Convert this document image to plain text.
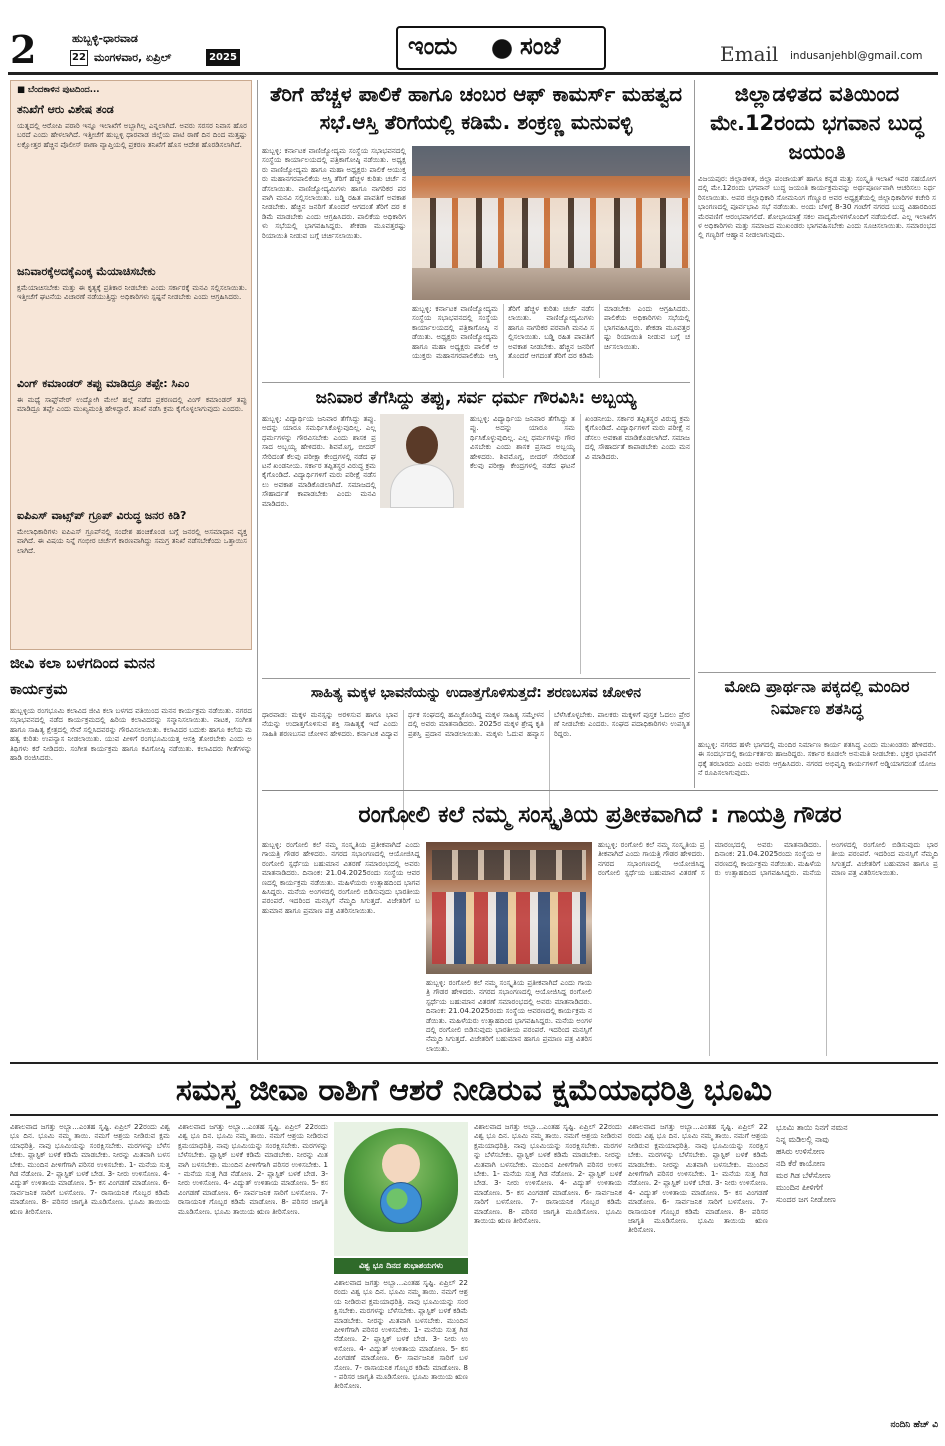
2	ಹುಬ್ಬಳ್ಳಿ-ಧಾರವಾಡ
22 ಮಂಗಳವಾರ, ಏಪ್ರಿಲ್	2025	ಇಂದು	ಸಂಜೆ	Email indusanjehbl@gmail.com
■ ಬೆಂದಕಾಳಿನ ಪುಟದಿಂದ...
ತನಿಖೆಗೆ ಆರು ವಿಶೇಷ ತಂಡ
ಯತ್ನದಲ್ಲಿ ಆರೋಪಿ ಪರಾರಿ ಇನ್ನೂ ಇಲಾಖೆಗೆ ಅಬ್ಬಾಗಿಲ್ಲ ಎನ್ನಲಾಗಿದೆ. ಅವರು ಸರಸರ ನಿವಾಸ ಹೊರ ಬರದೆ ಎಂದು ಹೇಳಲಾಗಿದೆ. ಇತ್ತೀಚೆಗೆ ಹುಬ್ಬಳ್ಳಿ ಧಾರವಾಡ ಜಿಲ್ಲೆಯ ಪಾಟಿ ಠಾಣೆ ದಿನ ದಿಂದ ಮತ್ತಷ್ಟು ಲಕ್ಷೋತ್ತರ ಹೆಚ್ಚಿನ ಪೊಲೀಸ್ ಠಾಣಾ ವ್ಯಾಪ್ತಿಯಲ್ಲಿ ಪ್ರಕರಣ ತನಿಖೆಗೆ ಹೊಸ ಆದೇಶ ಹೊರಡಿಸಲಾಗಿದೆ.
ಜನಿವಾರಕ್ಕೆಅದಕ್ಕೆಎಂಕ್ಕ ಮೆಯಾಚಿಸಬೇಕು
ಕ್ಷಮೆಯಾಚಿಸಬೇಕು ಮತ್ತು ಈ ಕೃತ್ಯಕ್ಕೆ ಪ್ರತಿಕಾರ ನೀಡಬೇಕು ಎಂದು ಸರ್ಕಾರಕ್ಕೆ ಮನವಿ ಸಲ್ಲಿಸಲಾಯಿತು. ಇತ್ತೀಚೆಗೆ ಘಟನೆಯ ವಿಚಾರಣೆ ನಡೆಯುತ್ತಿದ್ದು ಅಧಿಕಾರಿಗಳು ಸ್ಪಷ್ಟನೆ ನೀಡಬೇಕು ಎಂದು ಆಗ್ರಹಿಸಿದರು.
ವಿಂಗ್ ಕಮಾಂಡರ್ ತಪ್ಪು ಮಾಡಿದ್ರೂ ತಪ್ಪೇ: ಸಿಎಂ
ಈ ಮಧ್ಯೆ ಸಾಫ್ಟ್‌ವೇರ್ ಉದ್ಯೋಗಿ ಮೇಲೆ ಹಲ್ಲೆ ನಡೆದ ಪ್ರಕರಣದಲ್ಲಿ ವಿಂಗ್ ಕಮಾಂಡರ್ ತಪ್ಪು ಮಾಡಿದ್ರೂ ತಪ್ಪೇ ಎಂದು ಮುಖ್ಯಮಂತ್ರಿ ಹೇಳಿದ್ದಾರೆ. ತನಿಖೆ ನಡೆಸಿ ಕ್ರಮ ಕೈಗೊಳ್ಳಲಾಗುವುದು ಎಂದರು.
ಐಪಿಎಸ್ ವಾಟ್ಸ್‌ಪ್ ಗ್ರೂಪ್ ವಿರುದ್ಧ ಜನರ ಕಿಡಿ?
ಮೇಲಾಧಿಕಾರಿಗಳು ಐಪಿಎಸ್ ಗ್ರೂಪ್‌ನಲ್ಲಿ ಸಂದೇಶ ಹಂಚಿಕೊಂಡ ಬಗ್ಗೆ ಜನರಲ್ಲಿ ಅಸಮಾಧಾನ ವ್ಯಕ್ತವಾಗಿದೆ. ಈ ವಿಷಯ ನಿನ್ನೆ ಗಂಭೀರ ಚರ್ಚೆಗೆ ಕಾರಣವಾಗಿದ್ದು ಸಮಗ್ರ ತನಿಖೆ ನಡೆಸಬೇಕೆಂದು ಒತ್ತಾಯಿಸಲಾಗಿದೆ.
ತೆರಿಗೆ ಹೆಚ್ಚಳ ಪಾಲಿಕೆ ಹಾಗೂ ಚಂಬರ ಆಫ್ ಕಾಮರ್ಸ್ ಮಹತ್ವದ ಸಭೆ.ಆಸ್ತಿ ತೆರಿಗೆಯಲ್ಲಿ ಕಡಿಮೆ. ಶಂಕ್ರಣ್ಣ ಮನುವಳ್ಳಿ
ಹುಬ್ಬಳ್ಳಿ: ಕರ್ನಾಟಕ ವಾಣಿಜ್ಯೋದ್ಯಮ ಸಂಸ್ಥೆಯ ಸಭಾಭವನದಲ್ಲಿ ಸಂಸ್ಥೆಯ ಕಾರ್ಯಾಲಯದಲ್ಲಿ ಪತ್ರಿಕಾಗೋಷ್ಠಿ ನಡೆಯಿತು. ಅಧ್ಯಕ್ಷರು ವಾಣಿಜ್ಯೋದ್ಯಮ ಹಾಗೂ ಮಹಾ ಅಧ್ಯಕ್ಷರು ಪಾಲಿಕೆ ಆಯುಕ್ತರು ಮಹಾನಗರಪಾಲಿಕೆಯ ಆಸ್ತಿ ತೆರಿಗೆ ಹೆಚ್ಚಳ ಕುರಿತು ಚರ್ಚೆ ನಡೆಸಲಾಯಿತು. ವಾಣಿಜ್ಯೋದ್ಯಮಿಗಳು ಹಾಗೂ ನಾಗರಿಕರ ಪರವಾಗಿ ಮನವಿ ಸಲ್ಲಿಸಲಾಯಿತು. ಬಡ್ಡಿ ರಹಿತ ಪಾವತಿಗೆ ಅವಕಾಶ ನೀಡಬೇಕು. ಹೆಚ್ಚಿನ ಜನರಿಗೆ ತೊಂದರೆ ಆಗದಂತೆ ತೆರಿಗೆ ದರ ಕಡಿಮೆ ಮಾಡಬೇಕು ಎಂದು ಆಗ್ರಹಿಸಿದರು. ಪಾಲಿಕೆಯ ಅಧಿಕಾರಿಗಳು ಸಭೆಯಲ್ಲಿ ಭಾಗವಹಿಸಿದ್ದರು. ಶೇಕಡಾ ಮೂವತ್ತರಷ್ಟು ರಿಯಾಯಿತಿ ನೀಡುವ ಬಗ್ಗೆ ಚರ್ಚಿಸಲಾಯಿತು.
ಹುಬ್ಬಳ್ಳಿ: ಕರ್ನಾಟಕ ವಾಣಿಜ್ಯೋದ್ಯಮ ಸಂಸ್ಥೆಯ ಸಭಾಭವನದಲ್ಲಿ ಸಂಸ್ಥೆಯ ಕಾರ್ಯಾಲಯದಲ್ಲಿ ಪತ್ರಿಕಾಗೋಷ್ಠಿ ನಡೆಯಿತು. ಅಧ್ಯಕ್ಷರು ವಾಣಿಜ್ಯೋದ್ಯಮ ಹಾಗೂ ಮಹಾ ಅಧ್ಯಕ್ಷರು ಪಾಲಿಕೆ ಆಯುಕ್ತರು ಮಹಾನಗರಪಾಲಿಕೆಯ ಆಸ್ತಿ ತೆರಿಗೆ ಹೆಚ್ಚಳ ಕುರಿತು ಚರ್ಚೆ ನಡೆಸಲಾಯಿತು. ವಾಣಿಜ್ಯೋದ್ಯಮಿಗಳು ಹಾಗೂ ನಾಗರಿಕರ ಪರವಾಗಿ ಮನವಿ ಸಲ್ಲಿಸಲಾಯಿತು. ಬಡ್ಡಿ ರಹಿತ ಪಾವತಿಗೆ ಅವಕಾಶ ನೀಡಬೇಕು. ಹೆಚ್ಚಿನ ಜನರಿಗೆ ತೊಂದರೆ ಆಗದಂತೆ ತೆರಿಗೆ ದರ ಕಡಿಮೆ ಮಾಡಬೇಕು ಎಂದು ಆಗ್ರಹಿಸಿದರು. ಪಾಲಿಕೆಯ ಅಧಿಕಾರಿಗಳು ಸಭೆಯಲ್ಲಿ ಭಾಗವಹಿಸಿದ್ದರು. ಶೇಕಡಾ ಮೂವತ್ತರಷ್ಟು ರಿಯಾಯಿತಿ ನೀಡುವ ಬಗ್ಗೆ ಚರ್ಚಿಸಲಾಯಿತು.
ಜಿಲ್ಲಾಡಳಿತದ ವತಿಯಿಂದ ಮೇ.12ರಂದು ಭಗವಾನ ಬುದ್ಧ ಜಯಂತಿ
ವಿಜಯಪುರ: ಜಿಲ್ಲಾಡಳಿತ, ಜಿಲ್ಲಾ ಪಂಚಾಯತ್ ಹಾಗೂ ಕನ್ನಡ ಮತ್ತು ಸಂಸ್ಕೃತಿ ಇಲಾಖೆ ಇವರ ಸಹಯೋಗದಲ್ಲಿ ಮೇ.12ರಂದು ಭಗವಾನ್ ಬುದ್ಧ ಜಯಂತಿ ಕಾರ್ಯಕ್ರಮವನ್ನು ಅರ್ಥಪೂರ್ಣವಾಗಿ ಆಚರಿಸಲು ನಿರ್ಧರಿಸಲಾಯಿತು. ಅಪರ ಜಿಲ್ಲಾಧಿಕಾರಿ ಸೋಮನಿಂಗ ಗೆಣ್ಣೂರ ಅವರ ಅಧ್ಯಕ್ಷತೆಯಲ್ಲಿ ಜಿಲ್ಲಾಧಿಕಾರಿಗಳ ಕಚೇರಿ ಸಭಾಂಗಣದಲ್ಲಿ ಪೂರ್ವಭಾವಿ ಸಭೆ ನಡೆಯಿತು. ಅಂದು ಬೆಳಿಗ್ಗೆ 8-30 ಗಂಟೆಗೆ ನಗರದ ಬುದ್ಧ ವಿಹಾರದಿಂದ ಮೆರವಣಿಗೆ ಆರಂಭವಾಗಲಿದೆ. ಶೋಭಾಯಾತ್ರೆ ಸಕಲ ವಾದ್ಯಮೇಳಗಳೊಂದಿಗೆ ನಡೆಯಲಿದೆ. ಎಲ್ಲ ಇಲಾಖೆಗಳ ಅಧಿಕಾರಿಗಳು ಮತ್ತು ಸಮಾಜದ ಮುಖಂಡರು ಭಾಗವಹಿಸಬೇಕು ಎಂದು ಸೂಚಿಸಲಾಯಿತು. ಸಮಾರಂಭದಲ್ಲಿ ಗಣ್ಯರಿಗೆ ಆಹ್ವಾನ ನೀಡಲಾಗುವುದು.
ಮೋದಿ ಪ್ರಾರ್ಥನಾ ಪಕ್ಕದಲ್ಲಿ ಮಂದಿರ ನಿರ್ಮಾಣ ಶತಸಿದ್ಧ
ಹುಬ್ಬಳ್ಳಿ: ನಗರದ ಹಳೇ ಭಾಗದಲ್ಲಿ ಮಂದಿರ ನಿರ್ಮಾಣ ಕಾರ್ಯ ಶತಸಿದ್ಧ ಎಂದು ಮುಖಂಡರು ಹೇಳಿದರು. ಈ ಸಂದರ್ಭದಲ್ಲಿ ಕಾರ್ಯಕರ್ತರು ಹಾಜರಿದ್ದರು. ಸರ್ಕಾರ ಕೂಡಲೇ ಅನುಮತಿ ನೀಡಬೇಕು. ಭಕ್ತರ ಭಾವನೆಗೆ ಧಕ್ಕೆ ತರಬಾರದು ಎಂದು ಅವರು ಆಗ್ರಹಿಸಿದರು. ನಗರದ ಅಭಿವೃದ್ಧಿ ಕಾರ್ಯಗಳಿಗೆ ಅಡ್ಡಿಯಾಗದಂತೆ ಯೋಜನೆ ರೂಪಿಸಲಾಗುವುದು.
ಜನಿವಾರ ತೆಗೆಸಿದ್ದು ತಪ್ಪು, ಸರ್ವ ಧರ್ಮ ಗೌರವಿಸಿ: ಅಬ್ಬಯ್ಯ
ಹುಬ್ಬಳ್ಳಿ: ವಿದ್ಯಾರ್ಥಿಯ ಜನಿವಾರ ತೆಗೆಸಿದ್ದು ತಪ್ಪು. ಅದನ್ನು ಯಾರೂ ಸಮರ್ಥಿಸಿಕೊಳ್ಳುವುದಿಲ್ಲ. ಎಲ್ಲ ಧರ್ಮಗಳನ್ನು ಗೌರವಿಸಬೇಕು ಎಂದು ಶಾಸಕ ಪ್ರಸಾದ ಅಬ್ಬಯ್ಯ ಹೇಳಿದರು. ಶಿವಮೊಗ್ಗ, ಬೀದರ್ ಸೇರಿದಂತೆ ಕೆಲವು ಪರೀಕ್ಷಾ ಕೇಂದ್ರಗಳಲ್ಲಿ ನಡೆದ ಘಟನೆ ಖಂಡನೀಯ. ಸರ್ಕಾರ ತಪ್ಪಿತಸ್ಥರ ವಿರುದ್ಧ ಕ್ರಮ ಕೈಗೊಂಡಿದೆ. ವಿದ್ಯಾರ್ಥಿಗಳಿಗೆ ಮರು ಪರೀಕ್ಷೆ ನಡೆಸಲು ಅವಕಾಶ ಮಾಡಿಕೊಡಲಾಗಿದೆ. ಸಮಾಜದಲ್ಲಿ ಸೌಹಾರ್ದತೆ ಕಾಪಾಡಬೇಕು ಎಂದು ಮನವಿ ಮಾಡಿದರು.
ಹುಬ್ಬಳ್ಳಿ: ವಿದ್ಯಾರ್ಥಿಯ ಜನಿವಾರ ತೆಗೆಸಿದ್ದು ತಪ್ಪು. ಅದನ್ನು ಯಾರೂ ಸಮರ್ಥಿಸಿಕೊಳ್ಳುವುದಿಲ್ಲ. ಎಲ್ಲ ಧರ್ಮಗಳನ್ನು ಗೌರವಿಸಬೇಕು ಎಂದು ಶಾಸಕ ಪ್ರಸಾದ ಅಬ್ಬಯ್ಯ ಹೇಳಿದರು. ಶಿವಮೊಗ್ಗ, ಬೀದರ್ ಸೇರಿದಂತೆ ಕೆಲವು ಪರೀಕ್ಷಾ ಕೇಂದ್ರಗಳಲ್ಲಿ ನಡೆದ ಘಟನೆ ಖಂಡನೀಯ. ಸರ್ಕಾರ ತಪ್ಪಿತಸ್ಥರ ವಿರುದ್ಧ ಕ್ರಮ ಕೈಗೊಂಡಿದೆ. ವಿದ್ಯಾರ್ಥಿಗಳಿಗೆ ಮರು ಪರೀಕ್ಷೆ ನಡೆಸಲು ಅವಕಾಶ ಮಾಡಿಕೊಡಲಾಗಿದೆ. ಸಮಾಜದಲ್ಲಿ ಸೌಹಾರ್ದತೆ ಕಾಪಾಡಬೇಕು ಎಂದು ಮನವಿ ಮಾಡಿದರು.
ಜೀವಿ ಕಲಾ ಬಳಗದಿಂದ ಮನನ
ಕಾರ್ಯಕ್ರಮ
ಹುಬ್ಬಳ್ಳಿಯ ರಂಗಭೂಮಿ ಕಲಾವಿದ ಜೀವಿ ಕಲಾ ಬಳಗದ ವತಿಯಿಂದ ಮನನ ಕಾರ್ಯಕ್ರಮ ನಡೆಯಿತು. ನಗರದ ಸಭಾಭವನದಲ್ಲಿ ನಡೆದ ಕಾರ್ಯಕ್ರಮದಲ್ಲಿ ಹಿರಿಯ ಕಲಾವಿದರನ್ನು ಸನ್ಮಾನಿಸಲಾಯಿತು. ನಾಟಕ, ಸಂಗೀತ ಹಾಗೂ ಸಾಹಿತ್ಯ ಕ್ಷೇತ್ರದಲ್ಲಿ ಸೇವೆ ಸಲ್ಲಿಸಿದವರನ್ನು ಗೌರವಿಸಲಾಯಿತು. ಕಲಾವಿದರ ಬದುಕು ಹಾಗೂ ಕಲೆಯ ಮಹತ್ವ ಕುರಿತು ಉಪನ್ಯಾಸ ನೀಡಲಾಯಿತು. ಯುವ ಪೀಳಿಗೆ ರಂಗಭೂಮಿಯತ್ತ ಆಸಕ್ತಿ ತೋರಬೇಕು ಎಂದು ಅತಿಥಿಗಳು ಕರೆ ನೀಡಿದರು. ಸಂಗೀತ ಕಾರ್ಯಕ್ರಮ ಹಾಗೂ ಕವಿಗೋಷ್ಠಿ ನಡೆಯಿತು. ಕಲಾವಿದರು ಗೀತೆಗಳನ್ನು ಹಾಡಿ ರಂಜಿಸಿದರು.
ಸಾಹಿತ್ಯ ಮಕ್ಕಳ ಭಾವನೆಯನ್ನು ಉದಾತ್ತಗೊಳಿಸುತ್ತದೆ: ಶರಣಬಸವ ಚೋಳಿನ
ಧಾರವಾಡ: ಮಕ್ಕಳ ಮನಸ್ಸನ್ನು ಅರಳಿಸುವ ಹಾಗೂ ಭಾವನೆಯನ್ನು ಉದಾತ್ತಗೊಳಿಸುವ ಶಕ್ತಿ ಸಾಹಿತ್ಯಕ್ಕೆ ಇದೆ ಎಂದು ಸಾಹಿತಿ ಶರಣಬಸವ ಚೋಳಿನ ಹೇಳಿದರು. ಕರ್ನಾಟಕ ವಿದ್ಯಾವರ್ಧಕ ಸಂಘದಲ್ಲಿ ಹಮ್ಮಿಕೊಂಡಿದ್ದ ಮಕ್ಕಳ ಸಾಹಿತ್ಯ ಸಮ್ಮೇಳನದಲ್ಲಿ ಅವರು ಮಾತನಾಡಿದರು. 2025ರ ಮಕ್ಕಳ ಶ್ರೇಷ್ಠ ಕೃತಿ ಪ್ರಶಸ್ತಿ ಪ್ರದಾನ ಮಾಡಲಾಯಿತು. ಮಕ್ಕಳು ಓದುವ ಹವ್ಯಾಸ ಬೆಳೆಸಿಕೊಳ್ಳಬೇಕು. ಪಾಲಕರು ಮಕ್ಕಳಿಗೆ ಪುಸ್ತಕ ಓದಲು ಪ್ರೇರಣೆ ನೀಡಬೇಕು ಎಂದರು. ಸಂಘದ ಪದಾಧಿಕಾರಿಗಳು ಉಪಸ್ಥಿತರಿದ್ದರು.
ರಂಗೋಲಿ ಕಲೆ ನಮ್ಮ ಸಂಸ್ಕೃತಿಯ ಪ್ರತೀಕವಾಗಿದೆ : ಗಾಯತ್ರಿ ಗೌಡರ
ಹುಬ್ಬಳ್ಳಿ: ರಂಗೋಲಿ ಕಲೆ ನಮ್ಮ ಸಂಸ್ಕೃತಿಯ ಪ್ರತೀಕವಾಗಿದೆ ಎಂದು ಗಾಯತ್ರಿ ಗೌಡರ ಹೇಳಿದರು. ನಗರದ ಸಭಾಂಗಣದಲ್ಲಿ ಆಯೋಜಿಸಿದ್ದ ರಂಗೋಲಿ ಸ್ಪರ್ಧೆಯ ಬಹುಮಾನ ವಿತರಣೆ ಸಮಾರಂಭದಲ್ಲಿ ಅವರು ಮಾತನಾಡಿದರು. ದಿನಾಂಕ: 21.04.2025ರಂದು ಸಂಸ್ಥೆಯ ಆವರಣದಲ್ಲಿ ಕಾರ್ಯಕ್ರಮ ನಡೆಯಿತು. ಮಹಿಳೆಯರು ಉತ್ಸಾಹದಿಂದ ಭಾಗವಹಿಸಿದ್ದರು. ಮನೆಯ ಅಂಗಳದಲ್ಲಿ ರಂಗೋಲಿ ಬಿಡಿಸುವುದು ಭಾರತೀಯ ಪರಂಪರೆ. ಇದರಿಂದ ಮನಸ್ಸಿಗೆ ನೆಮ್ಮದಿ ಸಿಗುತ್ತದೆ. ವಿಜೇತರಿಗೆ ಬಹುಮಾನ ಹಾಗೂ ಪ್ರಮಾಣ ಪತ್ರ ವಿತರಿಸಲಾಯಿತು.
ಹುಬ್ಬಳ್ಳಿ: ರಂಗೋಲಿ ಕಲೆ ನಮ್ಮ ಸಂಸ್ಕೃತಿಯ ಪ್ರತೀಕವಾಗಿದೆ ಎಂದು ಗಾಯತ್ರಿ ಗೌಡರ ಹೇಳಿದರು. ನಗರದ ಸಭಾಂಗಣದಲ್ಲಿ ಆಯೋಜಿಸಿದ್ದ ರಂಗೋಲಿ ಸ್ಪರ್ಧೆಯ ಬಹುಮಾನ ವಿತರಣೆ ಸಮಾರಂಭದಲ್ಲಿ ಅವರು ಮಾತನಾಡಿದರು. ದಿನಾಂಕ: 21.04.2025ರಂದು ಸಂಸ್ಥೆಯ ಆವರಣದಲ್ಲಿ ಕಾರ್ಯಕ್ರಮ ನಡೆಯಿತು. ಮಹಿಳೆಯರು ಉತ್ಸಾಹದಿಂದ ಭಾಗವಹಿಸಿದ್ದರು. ಮನೆಯ ಅಂಗಳದಲ್ಲಿ ರಂಗೋಲಿ ಬಿಡಿಸುವುದು ಭಾರತೀಯ ಪರಂಪರೆ. ಇದರಿಂದ ಮನಸ್ಸಿಗೆ ನೆಮ್ಮದಿ ಸಿಗುತ್ತದೆ. ವಿಜೇತರಿಗೆ ಬಹುಮಾನ ಹಾಗೂ ಪ್ರಮಾಣ ಪತ್ರ ವಿತರಿಸಲಾಯಿತು.
ಹುಬ್ಬಳ್ಳಿ: ರಂಗೋಲಿ ಕಲೆ ನಮ್ಮ ಸಂಸ್ಕೃತಿಯ ಪ್ರತೀಕವಾಗಿದೆ ಎಂದು ಗಾಯತ್ರಿ ಗೌಡರ ಹೇಳಿದರು. ನಗರದ ಸಭಾಂಗಣದಲ್ಲಿ ಆಯೋಜಿಸಿದ್ದ ರಂಗೋಲಿ ಸ್ಪರ್ಧೆಯ ಬಹುಮಾನ ವಿತರಣೆ ಸಮಾರಂಭದಲ್ಲಿ ಅವರು ಮಾತನಾಡಿದರು. ದಿನಾಂಕ: 21.04.2025ರಂದು ಸಂಸ್ಥೆಯ ಆವರಣದಲ್ಲಿ ಕಾರ್ಯಕ್ರಮ ನಡೆಯಿತು. ಮಹಿಳೆಯರು ಉತ್ಸಾಹದಿಂದ ಭಾಗವಹಿಸಿದ್ದರು. ಮನೆಯ ಅಂಗಳದಲ್ಲಿ ರಂಗೋಲಿ ಬಿಡಿಸುವುದು ಭಾರತೀಯ ಪರಂಪರೆ. ಇದರಿಂದ ಮನಸ್ಸಿಗೆ ನೆಮ್ಮದಿ ಸಿಗುತ್ತದೆ. ವಿಜೇತರಿಗೆ ಬಹುಮಾನ ಹಾಗೂ ಪ್ರಮಾಣ ಪತ್ರ ವಿತರಿಸಲಾಯಿತು.
ಸಮಸ್ತ ಜೀವಾ ರಾಶಿಗೆ ಆಶರೆ ನೀಡಿರುವ ಕ್ಷಮೆಯಾಧರಿತ್ರಿ ಭೂಮಿ
ವಿಶಾಲವಾದ ಜಗತ್ತು ಅಬ್ಬಾ...ಎಂತಹ ಸೃಷ್ಟಿ. ಏಪ್ರಿಲ್ 22ರಂದು ವಿಶ್ವ ಭೂ ದಿನ. ಭೂಮಿ ನಮ್ಮ ತಾಯಿ. ನಮಗೆ ಆಶ್ರಯ ನೀಡಿರುವ ಕ್ಷಮಯಾಧರಿತ್ರಿ. ನಾವು ಭೂಮಿಯನ್ನು ಸಂರಕ್ಷಿಸಬೇಕು. ಮರಗಳನ್ನು ಬೆಳೆಸಬೇಕು. ಪ್ಲಾಸ್ಟಿಕ್ ಬಳಕೆ ಕಡಿಮೆ ಮಾಡಬೇಕು. ನೀರನ್ನು ಮಿತವಾಗಿ ಬಳಸಬೇಕು. ಮುಂದಿನ ಪೀಳಿಗೆಗಾಗಿ ಪರಿಸರ ಉಳಿಸಬೇಕು. 1- ಮನೆಯ ಸುತ್ತ ಗಿಡ ನೆಡೋಣ. 2- ಪ್ಲಾಸ್ಟಿಕ್ ಬಳಕೆ ಬೇಡ. 3- ನೀರು ಉಳಿಸೋಣ. 4- ವಿದ್ಯುತ್ ಉಳಿತಾಯ ಮಾಡೋಣ. 5- ಕಸ ವಿಂಗಡಣೆ ಮಾಡೋಣ. 6- ಸಾರ್ವಜನಿಕ ಸಾರಿಗೆ ಬಳಸೋಣ. 7- ರಾಸಾಯನಿಕ ಗೊಬ್ಬರ ಕಡಿಮೆ ಮಾಡೋಣ. 8- ಪರಿಸರ ಜಾಗೃತಿ ಮೂಡಿಸೋಣ. ಭೂಮಿ ತಾಯಿಯ ಋಣ ತೀರಿಸೋಣ.
ವಿಶಾಲವಾದ ಜಗತ್ತು ಅಬ್ಬಾ...ಎಂತಹ ಸೃಷ್ಟಿ. ಏಪ್ರಿಲ್ 22ರಂದು ವಿಶ್ವ ಭೂ ದಿನ. ಭೂಮಿ ನಮ್ಮ ತಾಯಿ. ನಮಗೆ ಆಶ್ರಯ ನೀಡಿರುವ ಕ್ಷಮಯಾಧರಿತ್ರಿ. ನಾವು ಭೂಮಿಯನ್ನು ಸಂರಕ್ಷಿಸಬೇಕು. ಮರಗಳನ್ನು ಬೆಳೆಸಬೇಕು. ಪ್ಲಾಸ್ಟಿಕ್ ಬಳಕೆ ಕಡಿಮೆ ಮಾಡಬೇಕು. ನೀರನ್ನು ಮಿತವಾಗಿ ಬಳಸಬೇಕು. ಮುಂದಿನ ಪೀಳಿಗೆಗಾಗಿ ಪರಿಸರ ಉಳಿಸಬೇಕು. 1- ಮನೆಯ ಸುತ್ತ ಗಿಡ ನೆಡೋಣ. 2- ಪ್ಲಾಸ್ಟಿಕ್ ಬಳಕೆ ಬೇಡ. 3- ನೀರು ಉಳಿಸೋಣ. 4- ವಿದ್ಯುತ್ ಉಳಿತಾಯ ಮಾಡೋಣ. 5- ಕಸ ವಿಂಗಡಣೆ ಮಾಡೋಣ. 6- ಸಾರ್ವಜನಿಕ ಸಾರಿಗೆ ಬಳಸೋಣ. 7- ರಾಸಾಯನಿಕ ಗೊಬ್ಬರ ಕಡಿಮೆ ಮಾಡೋಣ. 8- ಪರಿಸರ ಜಾಗೃತಿ ಮೂಡಿಸೋಣ. ಭೂಮಿ ತಾಯಿಯ ಋಣ ತೀರಿಸೋಣ.
ವಿಶ್ವ ಭೂ ದಿನದ ಶುಭಾಶಯಗಳು
ವಿಶಾಲವಾದ ಜಗತ್ತು ಅಬ್ಬಾ...ಎಂತಹ ಸೃಷ್ಟಿ. ಏಪ್ರಿಲ್ 22ರಂದು ವಿಶ್ವ ಭೂ ದಿನ. ಭೂಮಿ ನಮ್ಮ ತಾಯಿ. ನಮಗೆ ಆಶ್ರಯ ನೀಡಿರುವ ಕ್ಷಮಯಾಧರಿತ್ರಿ. ನಾವು ಭೂಮಿಯನ್ನು ಸಂರಕ್ಷಿಸಬೇಕು. ಮರಗಳನ್ನು ಬೆಳೆಸಬೇಕು. ಪ್ಲಾಸ್ಟಿಕ್ ಬಳಕೆ ಕಡಿಮೆ ಮಾಡಬೇಕು. ನೀರನ್ನು ಮಿತವಾಗಿ ಬಳಸಬೇಕು. ಮುಂದಿನ ಪೀಳಿಗೆಗಾಗಿ ಪರಿಸರ ಉಳಿಸಬೇಕು. 1- ಮನೆಯ ಸುತ್ತ ಗಿಡ ನೆಡೋಣ. 2- ಪ್ಲಾಸ್ಟಿಕ್ ಬಳಕೆ ಬೇಡ. 3- ನೀರು ಉಳಿಸೋಣ. 4- ವಿದ್ಯುತ್ ಉಳಿತಾಯ ಮಾಡೋಣ. 5- ಕಸ ವಿಂಗಡಣೆ ಮಾಡೋಣ. 6- ಸಾರ್ವಜನಿಕ ಸಾರಿಗೆ ಬಳಸೋಣ. 7- ರಾಸಾಯನಿಕ ಗೊಬ್ಬರ ಕಡಿಮೆ ಮಾಡೋಣ. 8- ಪರಿಸರ ಜಾಗೃತಿ ಮೂಡಿಸೋಣ. ಭೂಮಿ ತಾಯಿಯ ಋಣ ತೀರಿಸೋಣ.
ವಿಶಾಲವಾದ ಜಗತ್ತು ಅಬ್ಬಾ...ಎಂತಹ ಸೃಷ್ಟಿ. ಏಪ್ರಿಲ್ 22ರಂದು ವಿಶ್ವ ಭೂ ದಿನ. ಭೂಮಿ ನಮ್ಮ ತಾಯಿ. ನಮಗೆ ಆಶ್ರಯ ನೀಡಿರುವ ಕ್ಷಮಯಾಧರಿತ್ರಿ. ನಾವು ಭೂಮಿಯನ್ನು ಸಂರಕ್ಷಿಸಬೇಕು. ಮರಗಳನ್ನು ಬೆಳೆಸಬೇಕು. ಪ್ಲಾಸ್ಟಿಕ್ ಬಳಕೆ ಕಡಿಮೆ ಮಾಡಬೇಕು. ನೀರನ್ನು ಮಿತವಾಗಿ ಬಳಸಬೇಕು. ಮುಂದಿನ ಪೀಳಿಗೆಗಾಗಿ ಪರಿಸರ ಉಳಿಸಬೇಕು. 1- ಮನೆಯ ಸುತ್ತ ಗಿಡ ನೆಡೋಣ. 2- ಪ್ಲಾಸ್ಟಿಕ್ ಬಳಕೆ ಬೇಡ. 3- ನೀರು ಉಳಿಸೋಣ. 4- ವಿದ್ಯುತ್ ಉಳಿತಾಯ ಮಾಡೋಣ. 5- ಕಸ ವಿಂಗಡಣೆ ಮಾಡೋಣ. 6- ಸಾರ್ವಜನಿಕ ಸಾರಿಗೆ ಬಳಸೋಣ. 7- ರಾಸಾಯನಿಕ ಗೊಬ್ಬರ ಕಡಿಮೆ ಮಾಡೋಣ. 8- ಪರಿಸರ ಜಾಗೃತಿ ಮೂಡಿಸೋಣ. ಭೂಮಿ ತಾಯಿಯ ಋಣ ತೀರಿಸೋಣ.
ವಿಶಾಲವಾದ ಜಗತ್ತು ಅಬ್ಬಾ...ಎಂತಹ ಸೃಷ್ಟಿ. ಏಪ್ರಿಲ್ 22ರಂದು ವಿಶ್ವ ಭೂ ದಿನ. ಭೂಮಿ ನಮ್ಮ ತಾಯಿ. ನಮಗೆ ಆಶ್ರಯ ನೀಡಿರುವ ಕ್ಷಮಯಾಧರಿತ್ರಿ. ನಾವು ಭೂಮಿಯನ್ನು ಸಂರಕ್ಷಿಸಬೇಕು. ಮರಗಳನ್ನು ಬೆಳೆಸಬೇಕು. ಪ್ಲಾಸ್ಟಿಕ್ ಬಳಕೆ ಕಡಿಮೆ ಮಾಡಬೇಕು. ನೀರನ್ನು ಮಿತವಾಗಿ ಬಳಸಬೇಕು. ಮುಂದಿನ ಪೀಳಿಗೆಗಾಗಿ ಪರಿಸರ ಉಳಿಸಬೇಕು. 1- ಮನೆಯ ಸುತ್ತ ಗಿಡ ನೆಡೋಣ. 2- ಪ್ಲಾಸ್ಟಿಕ್ ಬಳಕೆ ಬೇಡ. 3- ನೀರು ಉಳಿಸೋಣ. 4- ವಿದ್ಯುತ್ ಉಳಿತಾಯ ಮಾಡೋಣ. 5- ಕಸ ವಿಂಗಡಣೆ ಮಾಡೋಣ. 6- ಸಾರ್ವಜನಿಕ ಸಾರಿಗೆ ಬಳಸೋಣ. 7- ರಾಸಾಯನಿಕ ಗೊಬ್ಬರ ಕಡಿಮೆ ಮಾಡೋಣ. 8- ಪರಿಸರ ಜಾಗೃತಿ ಮೂಡಿಸೋಣ. ಭೂಮಿ ತಾಯಿಯ ಋಣ ತೀರಿಸೋಣ.
ಭೂಮಿ ತಾಯಿ ನಿನಗೆ ನಮನ
ನಿನ್ನ ಮಡಿಲಲ್ಲಿ ನಾವು
ಹಸಿರು ಉಳಿಸೋಣ
ನದಿ ಕೆರೆ ಕಾಯೋಣ
ಮರ ಗಿಡ ಬೆಳೆಸೋಣ
ಮುಂದಿನ ಪೀಳಿಗೆಗೆ
ಸುಂದರ ಜಗ ನೀಡೋಣ
ನಂದಿನಿ ಹೆಚ್ ವಿ
